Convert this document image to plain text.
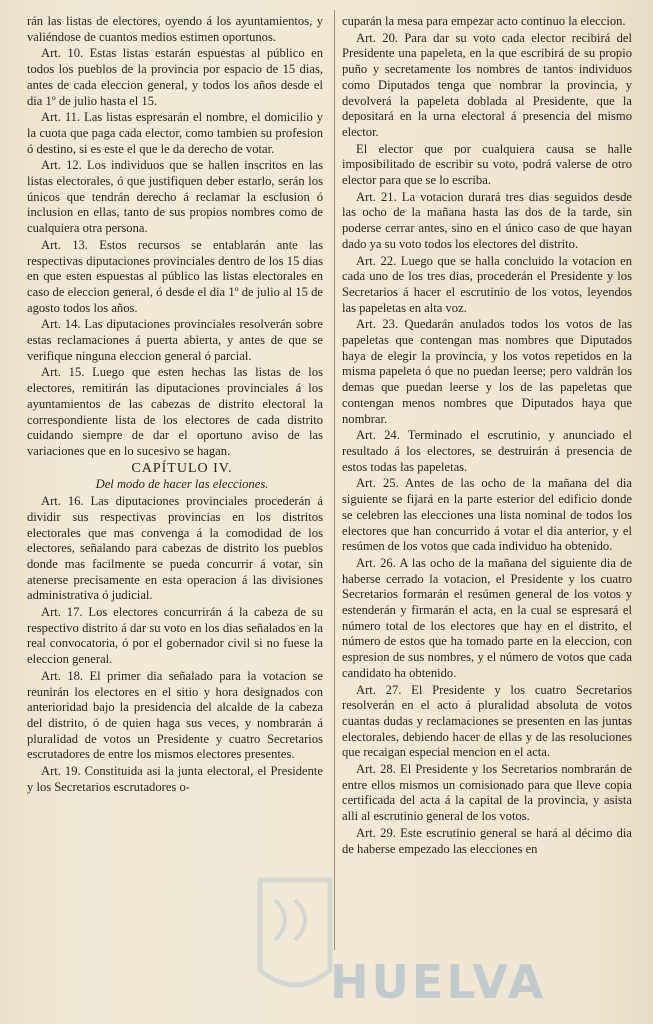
rán las listas de electores, oyendo á los ayuntamientos, y valiéndose de cuantos medios estimen oportunos.

Art. 10. Estas listas estarán espuestas al público en todos los pueblos de la provincia por espacio de 15 dias, antes de cada eleccion general, y todos los años desde el dia 1º de julio hasta el 15.

Art. 11. Las listas espresarán el nombre, el domicilio y la cuota que paga cada elector, como tambien su profesion ó destino, si es este el que le da derecho de votar.

Art. 12. Los individuos que se hallen inscritos en las listas electorales, ó que justifiquen deber estarlo, serán los únicos que tendrán derecho á reclamar la esclusion ó inclusion en ellas, tanto de sus propios nombres como de cualquiera otra persona.

Art. 13. Estos recursos se entablarán ante las respectivas diputaciones provinciales dentro de los 15 dias en que esten espuestas al público las listas electorales en caso de eleccion general, ó desde el dia 1º de julio al 15 de agosto todos los años.

Art. 14. Las diputaciones provinciales resolverán sobre estas reclamaciones á puerta abierta, y antes de que se verifique ninguna eleccion general ó parcial.

Art. 15. Luego que esten hechas las listas de los electores, remitirán las diputaciones provinciales á los ayuntamientos de las cabezas de distrito electoral la correspondiente lista de los electores de cada distrito cuidando siempre de dar el oportuno aviso de las variaciones que en lo sucesivo se hagan.

CAPÍTULO IV.

Del modo de hacer las elecciones.

Art. 16. Las diputaciones provinciales procederán á dividir sus respectivas provincias en los distritos electorales que mas convenga á la comodidad de los electores, señalando para cabezas de distrito los pueblos donde mas facilmente se pueda concurrir á votar, sin atenerse precisamente en esta operacion á las divisiones administrativa ó judicial.

Art. 17. Los electores concurrirán á la cabeza de su respectivo distrito á dar su voto en los dias señalados en la real convocatoria, ó por el gobernador civil si no fuese la eleccion general.

Art. 18. El primer dia señalado para la votacion se reunirán los electores en el sitio y hora designados con anterioridad bajo la presidencia del alcalde de la cabeza del distrito, ó de quien haga sus veces, y nombrarán á pluralidad de votos un Presidente y cuatro Secretarios escrutadores de entre los mismos electores presentes.

Art. 19. Constituida asi la junta electoral, el Presidente y los Secretarios escrutadores o-

cuparán la mesa para empezar acto continuo la eleccion.

Art. 20. Para dar su voto cada elector recibirá del Presidente una papeleta, en la que escribirá de su propio puño y secretamente los nombres de tantos individuos como Diputados tenga que nombrar la provincia, y devolverá la papeleta doblada al Presidente, que la depositará en la urna electoral á presencia del mismo elector.

El elector que por cualquiera causa se halle imposibilitado de escribir su voto, podrá valerse de otro elector para que se lo escriba.

Art. 21. La votacion durará tres dias seguidos desde las ocho de la mañana hasta las dos de la tarde, sin poderse cerrar antes, sino en el único caso de que hayan dado ya su voto todos los electores del distrito.

Art. 22. Luego que se halla concluido la votacion en cada uno de los tres dias, procederán el Presidente y los Secretarios á hacer el escrutinio de los votos, leyendos las papeletas en alta voz.

Art. 23. Quedarán anulados todos los votos de las papeletas que contengan mas nombres que Diputados haya de elegir la provincia, y los votos repetidos en la misma papeleta ó que no puedan leerse; pero valdrán los demas que puedan leerse y los de las papeletas que contengan menos nombres que Diputados haya que nombrar.

Art. 24. Terminado el escrutinio, y anunciado el resultado á los electores, se destruirán á presencia de estos todas las papeletas.

Art. 25. Antes de las ocho de la mañana del dia siguiente se fijará en la parte esterior del edificio donde se celebren las elecciones una lista nominal de todos los electores que han concurrido á votar el dia anterior, y el resúmen de los votos que cada individuo ha obtenido.

Art. 26. A las ocho de la mañana del siguiente dia de haberse cerrado la votacion, el Presidente y los cuatro Secretarios formarán el resúmen general de los votos y estenderán y firmarán el acta, en la cual se espresará el número total de los electores que hay en el distrito, el número de estos que ha tomado parte en la eleccion, con espresion de sus nombres, y el número de votos que cada candidato ha obtenido.

Art. 27. El Presidente y los cuatro Secretarios resolverán en el acto á pluralidad absoluta de votos cuantas dudas y reclamaciones se presenten en las juntas electorales, debiendo hacer de ellas y de las resoluciones que recaigan especial mencion en el acta.

Art. 28. El Presidente y los Secretarios nombrarán de entre ellos mismos un comisionado para que lleve copia certificada del acta á la capital de la provincia, y asista alli al escrutinio general de los votos.

Art. 29. Este escrutinio general se hará al décimo dia de haberse empezado las elecciones en

HUELVA
